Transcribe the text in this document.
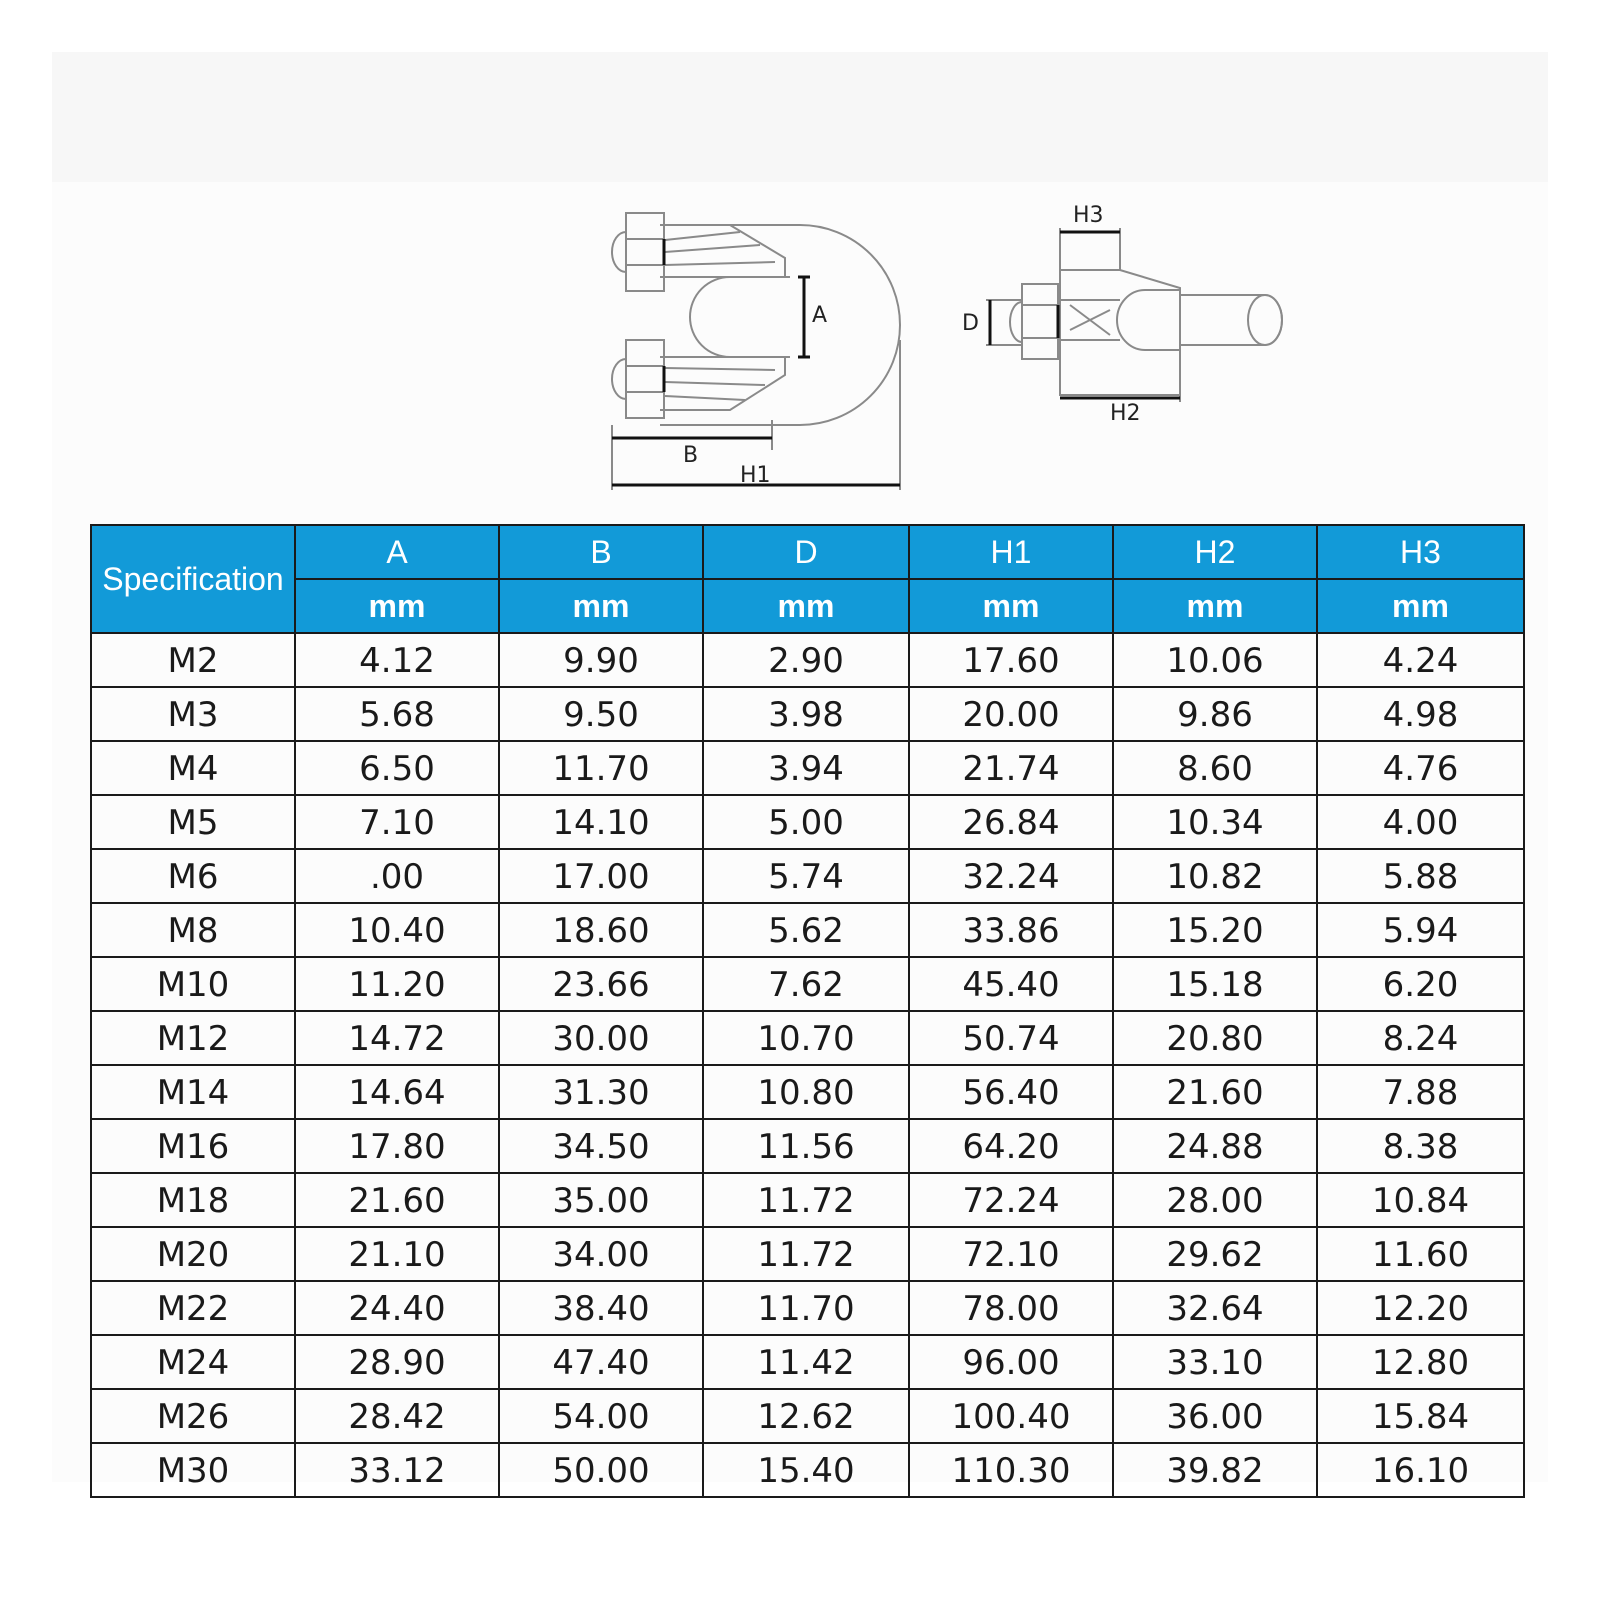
A
B
H1
H3
H2
D
Specification	A	B	D	H1	H2	H3
	mm	mm	mm	mm	mm	mm
M2	4.12	9.90	2.90	17.60	10.06	4.24
M3	5.68	9.50	3.98	20.00	9.86	4.98
M4	6.50	11.70	3.94	21.74	8.60	4.76
M5	7.10	14.10	5.00	26.84	10.34	4.00
M6	.00	17.00	5.74	32.24	10.82	5.88
M8	10.40	18.60	5.62	33.86	15.20	5.94
M10	11.20	23.66	7.62	45.40	15.18	6.20
M12	14.72	30.00	10.70	50.74	20.80	8.24
M14	14.64	31.30	10.80	56.40	21.60	7.88
M16	17.80	34.50	11.56	64.20	24.88	8.38
M18	21.60	35.00	11.72	72.24	28.00	10.84
M20	21.10	34.00	11.72	72.10	29.62	11.60
M22	24.40	38.40	11.70	78.00	32.64	12.20
M24	28.90	47.40	11.42	96.00	33.10	12.80
M26	28.42	54.00	12.62	100.40	36.00	15.84
M30	33.12	50.00	15.40	110.30	39.82	16.10
